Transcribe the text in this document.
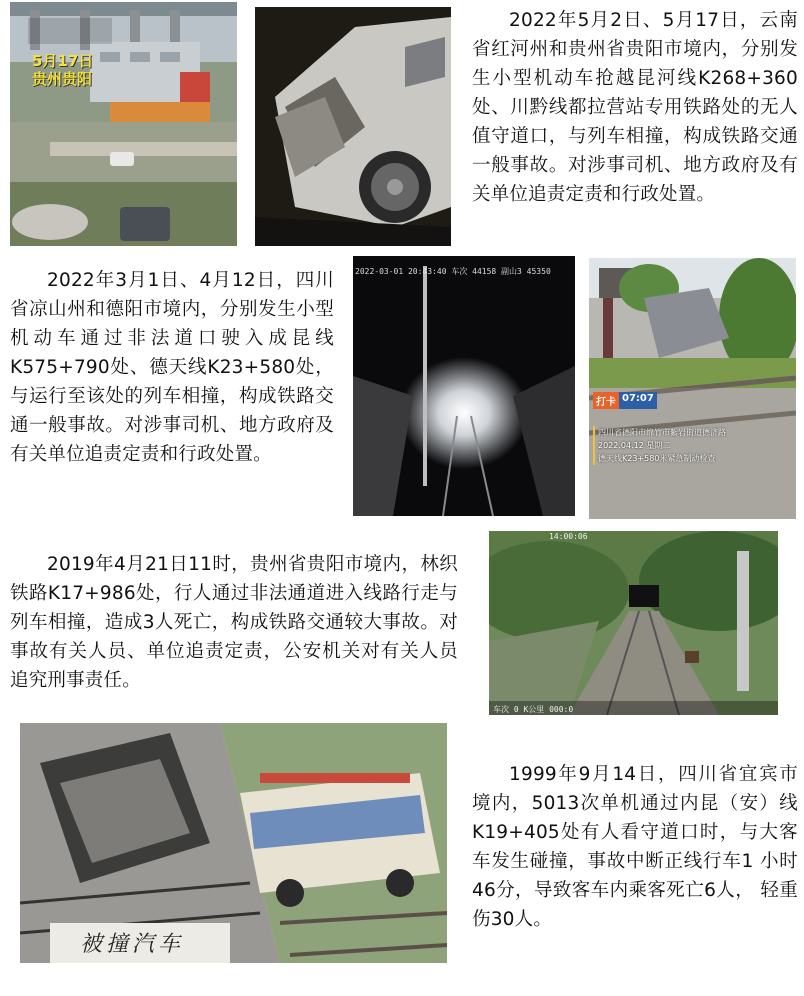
5月17日
贵州贵阳

2022年5月2日、5月17日，云南省红河州和贵州省贵阳市境内，分别发生小型机动车抢越昆河线K268+360处、川黔线都拉营站专用铁路处的无人值守道口，与列车相撞，构成铁路交通一般事故。对涉事司机、地方政府及有关单位追责定责和行政处置。

2022年3月1日、4月12日，四川省凉山州和德阳市境内，分别发生小型机动车通过非法道口驶入成昆线K575+790处、德天线K23+580处，与运行至该处的列车相撞，构成铁路交通一般事故。对涉事司机、地方政府及有关单位追责定责和行政处置。

2022-03-01 20:43:40 车次 44158 副山3 45350
打卡 07:07
四川省德阳市绵竹市紫岩街道德济路
2022.04.12 星期二
德天线K23+580米紧急制动检查

2019年4月21日11时，贵州省贵阳市境内，林织铁路K17+986处，行人通过非法通道进入线路行走与列车相撞，造成3人死亡，构成铁路交通较大事故。对事故有关人员、单位追责定责，公安机关对有关人员追究刑事责任。

14:00:06
车次 0 K公里 000:0
被撞汽车

1999年9月14日，四川省宜宾市境内，5013次单机通过内昆（安）线K19+405处有人看守道口时，与大客车发生碰撞，事故中断正线行车1 小时46分，导致客车内乘客死亡6人， 轻重伤30人。
